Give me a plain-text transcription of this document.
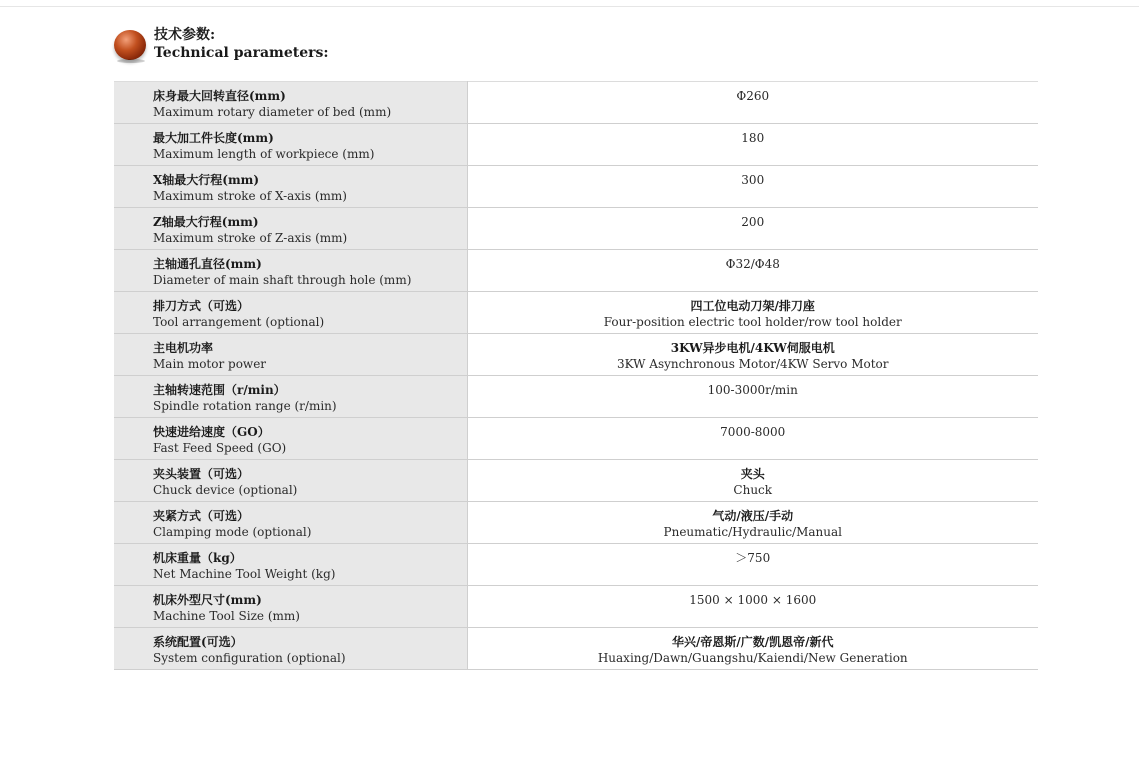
技术参数:
Technical parameters:
床身最大回转直径(mm)
Maximum rotary diameter of bed (mm)	Φ260

最大加工件长度(mm)
Maximum length of workpiece (mm)	180

X轴最大行程(mm)
Maximum stroke of X-axis (mm)	300

Z轴最大行程(mm)
Maximum stroke of Z-axis (mm)	200

主轴通孔直径(mm)
Diameter of main shaft through hole (mm)	Φ32/Φ48

排刀方式（可选）
Tool arrangement (optional)	四工位电动刀架/排刀座
Four-position electric tool holder/row tool holder

主电机功率
Main motor power	3KW异步电机/4KW伺服电机
3KW Asynchronous Motor/4KW Servo Motor

主轴转速范围（r/min）
Spindle rotation range (r/min)	100-3000r/min

快速进给速度（GO）
Fast Feed Speed (GO)	7000-8000

夹头装置（可选）
Chuck device (optional)	夹头
Chuck

夹紧方式（可选）
Clamping mode (optional)	气动/液压/手动
Pneumatic/Hydraulic/Manual

机床重量（kg）
Net Machine Tool Weight (kg)	＞750

机床外型尺寸(mm)
Machine Tool Size (mm)	1500 × 1000 × 1600

系统配置(可选）
System configuration (optional)	华兴/帝恩斯/广数/凯恩帝/新代
Huaxing/Dawn/Guangshu/Kaiendi/New Generation
